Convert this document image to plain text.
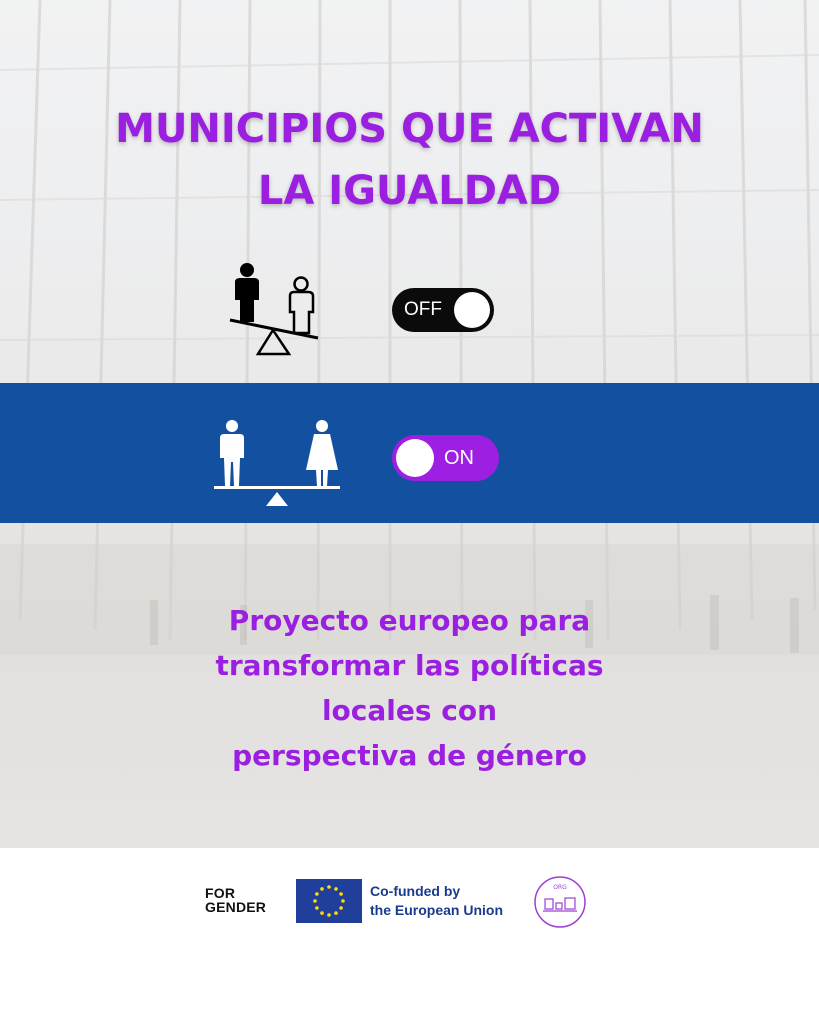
MUNICIPIOS QUE ACTIVAN
LA IGUALDAD
OFF
ON

Proyecto europeo para
transformar las políticas
locales con
perspectiva de género

FOR
GENDER
Co-funded by
the European Union
ORG
